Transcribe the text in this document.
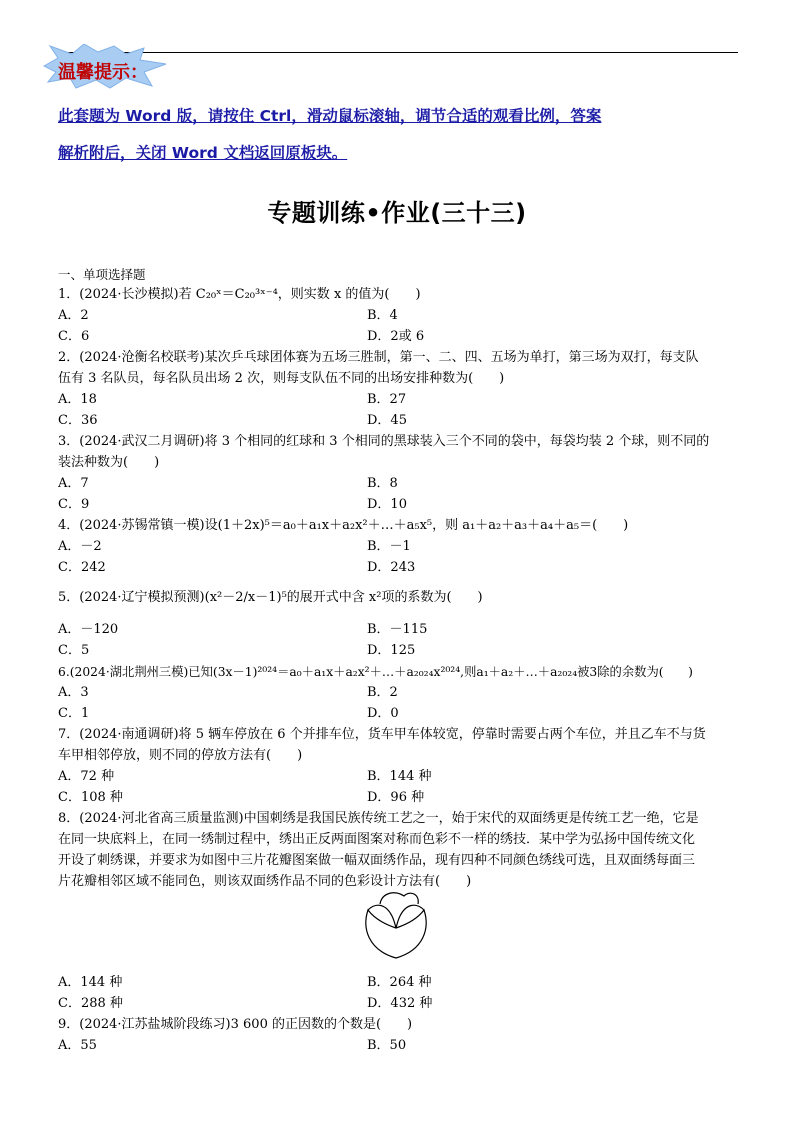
温馨提示：
此套题为 Word 版，请按住 Ctrl，滑动鼠标滚轴，调节合适的观看比例，答案
解析附后，关闭 Word 文档返回原板块。
专题训练•作业(三十三)
一、单项选择题
1．(2024·长沙模拟)若 C₂₀ˣ＝C₂₀³ˣ⁻⁴，则实数 x 的值为(　　)
A．2	B．4
C．6	D．2或 6
2．(2024·沧衡名校联考)某次乒乓球团体赛为五场三胜制，第一、二、四、五场为单打，第三场为双打，每支队
伍有 3 名队员，每名队员出场 2 次，则每支队伍不同的出场安排种数为(　　)
A．18	B．27
C．36	D．45
3．(2024·武汉二月调研)将 3 个相同的红球和 3 个相同的黑球装入三个不同的袋中，每袋均装 2 个球，则不同的
装法种数为(　　)
A．7	B．8
C．9	D．10
4．(2024·苏锡常镇一模)设(1＋2x)⁵＝a₀＋a₁x＋a₂x²＋…＋a₅x⁵，则 a₁＋a₂＋a₃＋a₄＋a₅＝(　　)
A．－2	B．－1
C．242	D．243
5．(2024·辽宁模拟预测)(x²－2/x－1)⁵的展开式中含 x²项的系数为(　　)
A．－120	B．－115
C．5	D．125
6.(2024·湖北荆州三模)已知(3x－1)²⁰²⁴＝a₀＋a₁x＋a₂x²＋…＋a₂₀₂₄x²⁰²⁴,则a₁＋a₂＋…＋a₂₀₂₄被3除的余数为(　　)
A．3	B．2
C．1	D．0
7．(2024·南通调研)将 5 辆车停放在 6 个并排车位，货车甲车体较宽，停靠时需要占两个车位，并且乙车不与货
车甲相邻停放，则不同的停放方法有(　　)
A．72 种	B．144 种
C．108 种	D．96 种
8．(2024·河北省高三质量监测)中国刺绣是我国民族传统工艺之一，始于宋代的双面绣更是传统工艺一绝，它是
在同一块底料上，在同一绣制过程中，绣出正反两面图案对称而色彩不一样的绣技．某中学为弘扬中国传统文化
开设了刺绣课，并要求为如图中三片花瓣图案做一幅双面绣作品，现有四种不同颜色绣线可选，且双面绣每面三
片花瓣相邻区域不能同色，则该双面绣作品不同的色彩设计方法有(　　)
A．144 种	B．264 种
C．288 种	D．432 种
9．(2024·江苏盐城阶段练习)3 600 的正因数的个数是(　　)
A．55	B．50
